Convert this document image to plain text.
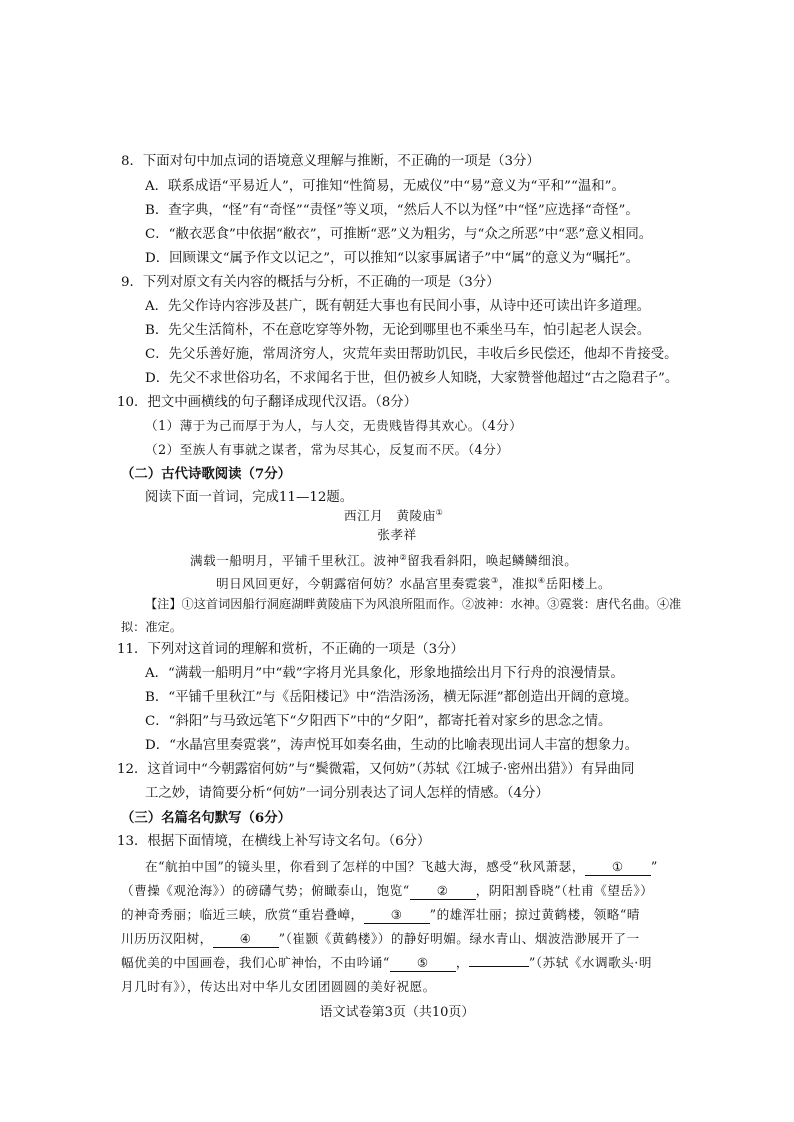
8．下面对句中加点词的语境意义理解与推断，不正确的一项是（3分）
A．联系成语“平易近人”，可推知“性简易，无威仪”中“易”意义为“平和”“温和”。
B．查字典，“怪”有“奇怪”“责怪”等义项，“然后人不以为怪”中“怪”应选择“奇怪”。
C．“敝衣恶食”中依据“敝衣”，可推断“恶”义为粗劣，与“众之所恶”中“恶”意义相同。
D．回顾课文“属予作文以记之”，可以推知“以家事属诸子”中“属”的意义为“嘱托”。
9．下列对原文有关内容的概括与分析，不正确的一项是（3分）
A．先父作诗内容涉及甚广，既有朝廷大事也有民间小事，从诗中还可读出许多道理。
B．先父生活简朴，不在意吃穿等外物，无论到哪里也不乘坐马车，怕引起老人误会。
C．先父乐善好施，常周济穷人，灾荒年卖田帮助饥民，丰收后乡民偿还，他却不肯接受。
D．先父不求世俗功名，不求闻名于世，但仍被乡人知晓，大家赞誉他超过“古之隐君子”。
10．把文中画横线的句子翻译成现代汉语。（8分）
（1）薄于为己而厚于为人，与人交，无贵贱皆得其欢心。（4分）
（2）至族人有事就之谋者，常为尽其心，反复而不厌。（4分）
（二）古代诗歌阅读（7分）
阅读下面一首词，完成11—12题。
西江月　黄陵庙①
张孝祥
满载一船明月，平铺千里秋江。波神②留我看斜阳，唤起鳞鳞细浪。
明日风回更好，今朝露宿何妨？水晶宫里奏霓裳③，准拟④岳阳楼上。
【注】①这首词因船行洞庭湖畔黄陵庙下为风浪所阻而作。②波神：水神。③霓裳：唐代名曲。④准
拟：准定。
11．下列对这首词的理解和赏析，不正确的一项是（3分）
A．“满载一船明月”中“载”字将月光具象化，形象地描绘出月下行舟的浪漫情景。
B．“平铺千里秋江”与《岳阳楼记》中“浩浩汤汤，横无际涯”都创造出开阔的意境。
C．“斜阳”与马致远笔下“夕阳西下”中的“夕阳”，都寄托着对家乡的思念之情。
D．“水晶宫里奏霓裳”，涛声悦耳如奏名曲，生动的比喻表现出词人丰富的想象力。
12．这首词中“今朝露宿何妨”与“鬓微霜，又何妨”（苏轼《江城子·密州出猎》）有异曲同
工之妙，请简要分析“何妨”一词分别表达了词人怎样的情感。（4分）
（三）名篇名句默写（6分）
13．根据下面情境，在横线上补写诗文名句。（6分）
在“航拍中国”的镜头里，你看到了怎样的中国？飞越大海，感受“秋风萧瑟， ① ”
（曹操《观沧海》）的磅礴气势；俯瞰泰山，饱览“ ② ，阴阳割昏晓”（杜甫《望岳》）
的神奇秀丽；临近三峡，欣赏“重岩叠嶂， ③ ”的雄浑壮丽；掠过黄鹤楼，领略“晴
川历历汉阳树， ④ ”（崔颢《黄鹤楼》）的静好明媚。绿水青山、烟波浩渺展开了一
幅优美的中国画卷，我们心旷神怡，不由吟诵“ ⑤ ，	”（苏轼《水调歌头·明
月几时有》），传达出对中华儿女团团圆圆的美好祝愿。
语文试卷第3页（共10页）
